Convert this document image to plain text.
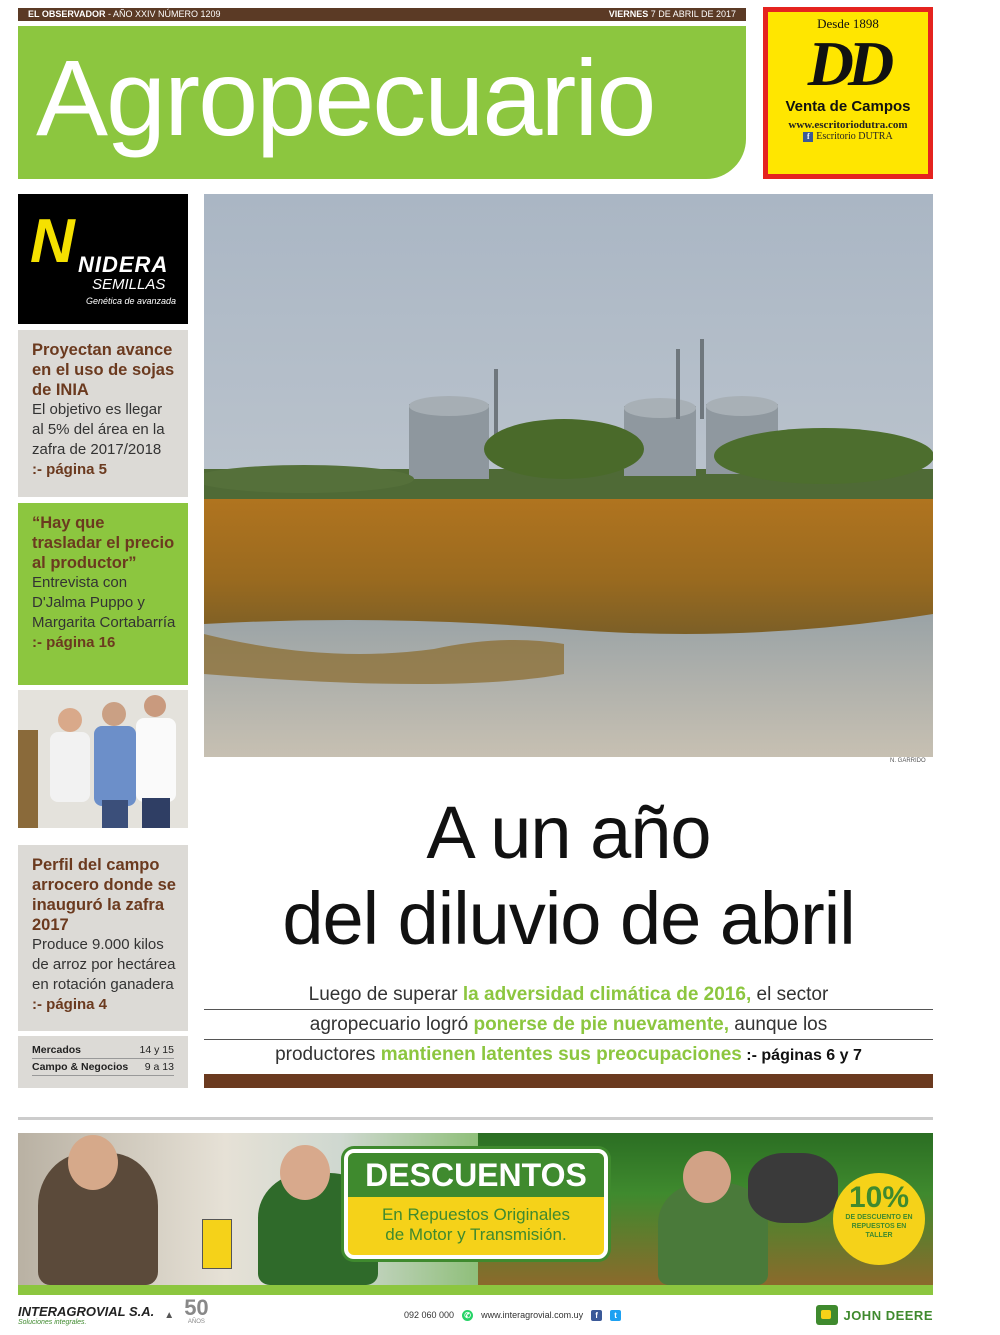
EL OBSERVADOR - AÑO XXIV NÚMERO 1209	VIERNES 7 DE ABRIL DE 2017
Agropecuario
Desde 1898
DD
Venta de Campos
www.escritoriodutra.com
f Escritorio DUTRA
N NIDERA
SEMILLAS
Genética de avanzada
Proyectan avance en el uso de sojas de INIA
El objetivo es llegar al 5% del área en la zafra de 2017/2018
:- página 5
“Hay que trasladar el precio al productor”
Entrevista con D'Jalma Puppo y Margarita Cortabarría
:- página 16
Perfil del campo arrocero donde se inauguró la zafra 2017
Produce 9.000 kilos de arroz por hectárea en rotación ganadera
:- página 4
Mercados	14 y 15
Campo & Negocios 9 a 13
N. GARRIDO
A un año
del diluvio de abril
Luego de superar la adversidad climática de 2016, el sector
agropecuario logró ponerse de pie nuevamente, aunque los
productores mantienen latentes sus preocupaciones :- páginas 6 y 7
DESCUENTOS
En Repuestos Originales
de Motor y Transmisión.
10%
DE DESCUENTO EN REPUESTOS EN TALLER
INTERAGROVIAL S.A.
Soluciones integrales.
▲ 50
AÑOS
092 060 000 ✆ www.interagrovial.com.uy	f	t	JOHN DEERE
